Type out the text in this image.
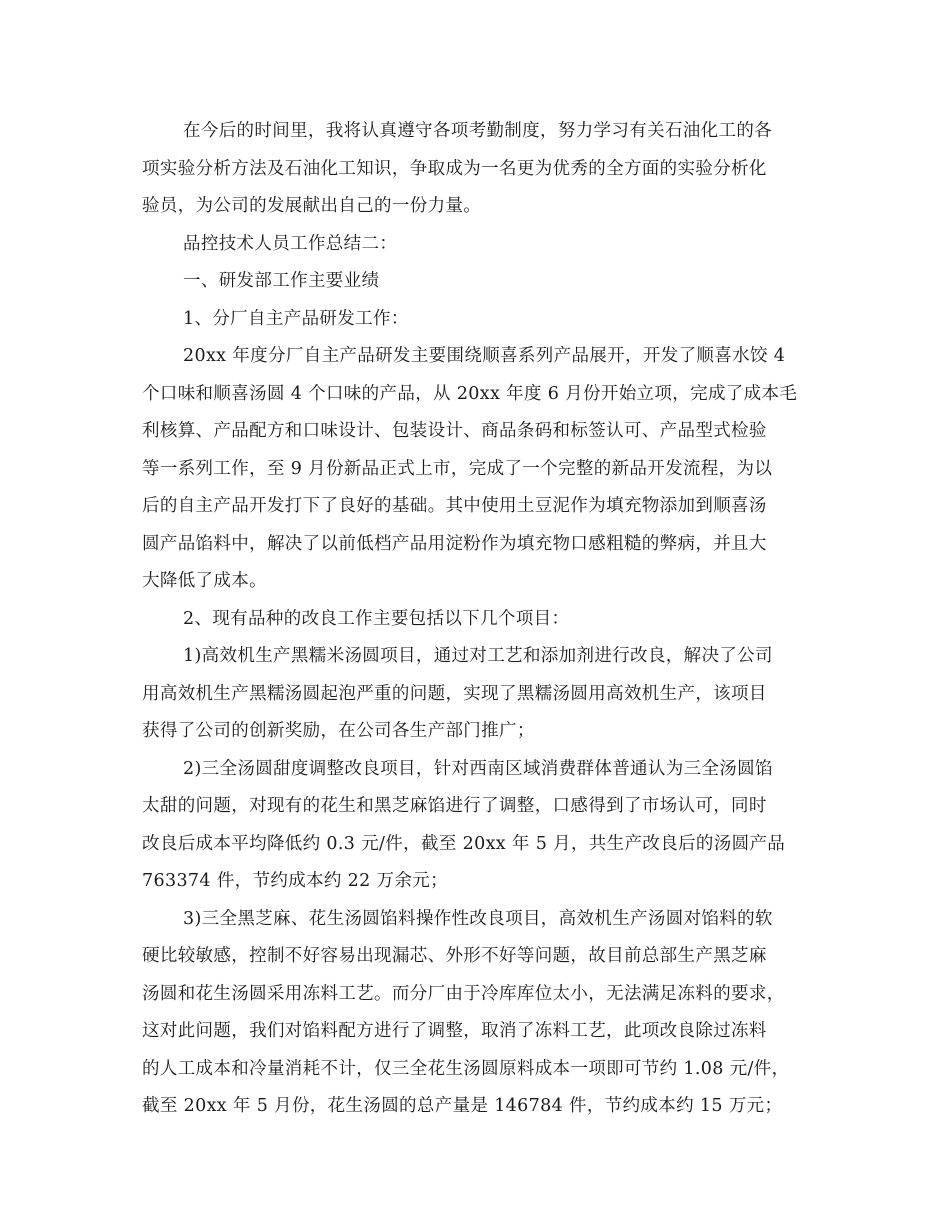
在今后的时间里，我将认真遵守各项考勤制度，努力学习有关石油化工的各
项实验分析方法及石油化工知识，争取成为一名更为优秀的全方面的实验分析化
验员，为公司的发展献出自己的一份力量。
品控技术人员工作总结二：
一、研发部工作主要业绩
1、分厂自主产品研发工作：
20xx 年度分厂自主产品研发主要围绕顺喜系列产品展开，开发了顺喜水饺 4
个口味和顺喜汤圆 4 个口味的产品，从 20xx 年度 6 月份开始立项，完成了成本毛
利核算、产品配方和口味设计、包装设计、商品条码和标签认可、产品型式检验
等一系列工作，至 9 月份新品正式上市，完成了一个完整的新品开发流程，为以
后的自主产品开发打下了良好的基础。其中使用土豆泥作为填充物添加到顺喜汤
圆产品馅料中，解决了以前低档产品用淀粉作为填充物口感粗糙的弊病，并且大
大降低了成本。
2、现有品种的改良工作主要包括以下几个项目：
1)高效机生产黑糯米汤圆项目，通过对工艺和添加剂进行改良，解决了公司
用高效机生产黑糯汤圆起泡严重的问题，实现了黑糯汤圆用高效机生产，该项目
获得了公司的创新奖励，在公司各生产部门推广；
2)三全汤圆甜度调整改良项目，针对西南区域消费群体普通认为三全汤圆馅
太甜的问题，对现有的花生和黑芝麻馅进行了调整，口感得到了市场认可，同时
改良后成本平均降低约 0.3 元/件，截至 20xx 年 5 月，共生产改良后的汤圆产品
763374 件，节约成本约 22 万余元；
3)三全黑芝麻、花生汤圆馅料操作性改良项目，高效机生产汤圆对馅料的软
硬比较敏感，控制不好容易出现漏芯、外形不好等问题，故目前总部生产黑芝麻
汤圆和花生汤圆采用冻料工艺。而分厂由于冷库库位太小，无法满足冻料的要求，
这对此问题，我们对馅料配方进行了调整，取消了冻料工艺，此项改良除过冻料
的人工成本和冷量消耗不计，仅三全花生汤圆原料成本一项即可节约 1.08 元/件，
截至 20xx 年 5 月份，花生汤圆的总产量是 146784 件，节约成本约 15 万元；
